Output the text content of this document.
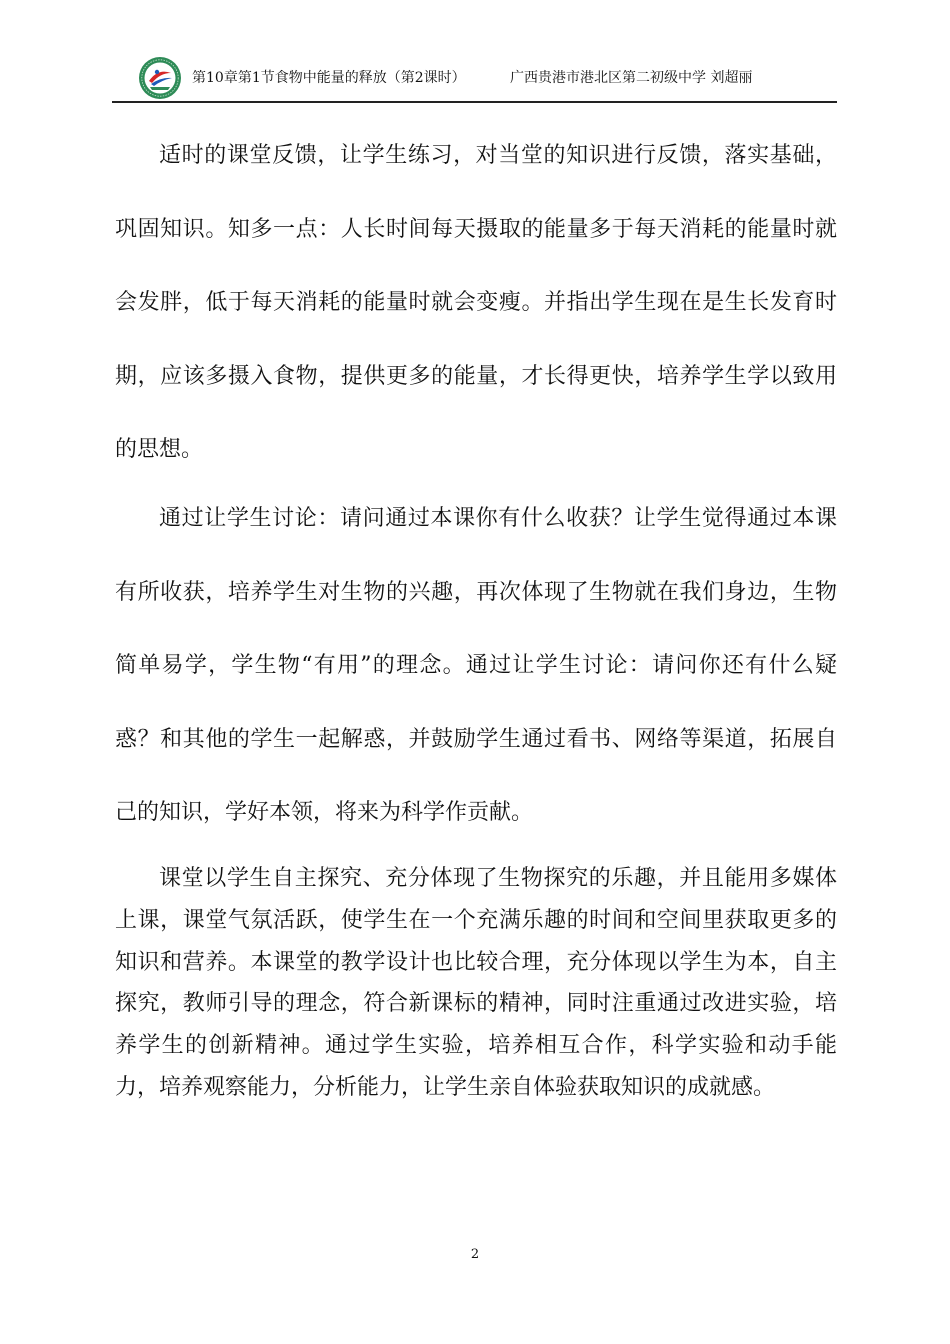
第10章第1节食物中能量的释放（第2课时）	广西贵港市港北区第二初级中学 刘超丽

适时的课堂反馈，让学生练习，对当堂的知识进行反馈，落实基础，巩固知识。知多一点：人长时间每天摄取的能量多于每天消耗的能量时就会发胖，低于每天消耗的能量时就会变瘦。并指出学生现在是生长发育时期，应该多摄入食物，提供更多的能量，才长得更快，培养学生学以致用的思想。

通过让学生讨论：请问通过本课你有什么收获？让学生觉得通过本课有所收获，培养学生对生物的兴趣，再次体现了生物就在我们身边，生物简单易学，学生物“有用”的理念。通过让学生讨论：请问你还有什么疑惑？和其他的学生一起解惑，并鼓励学生通过看书、网络等渠道，拓展自己的知识，学好本领，将来为科学作贡献。

课堂以学生自主探究、充分体现了生物探究的乐趣，并且能用多媒体上课，课堂气氛活跃，使学生在一个充满乐趣的时间和空间里获取更多的知识和营养。本课堂的教学设计也比较合理，充分体现以学生为本，自主探究，教师引导的理念，符合新课标的精神，同时注重通过改进实验，培养学生的创新精神。通过学生实验，培养相互合作，科学实验和动手能力，培养观察能力，分析能力，让学生亲自体验获取知识的成就感。

2
